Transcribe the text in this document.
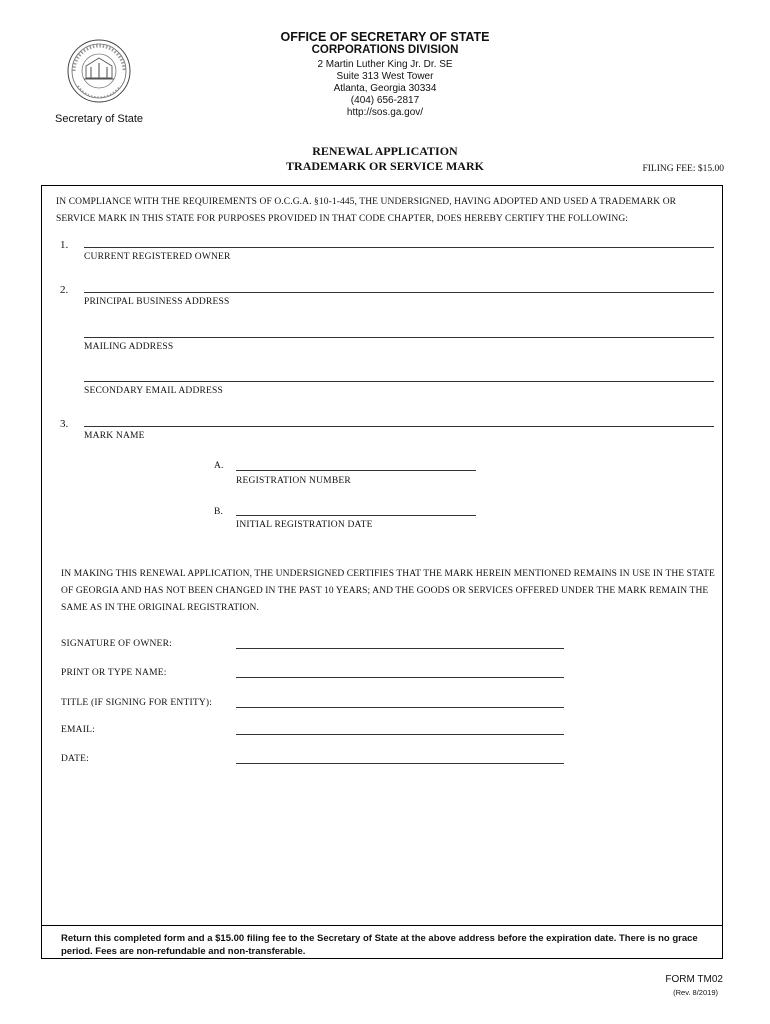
Secretary of State
OFFICE OF SECRETARY OF STATE
CORPORATIONS DIVISION
2 Martin Luther King Jr. Dr. SE
Suite 313 West Tower
Atlanta, Georgia 30334
(404) 656-2817
http://sos.ga.gov/
RENEWAL APPLICATION
TRADEMARK OR SERVICE MARK	FILING FEE: $15.00
IN COMPLIANCE WITH THE REQUIREMENTS OF O.C.G.A. §10-1-445, THE UNDERSIGNED, HAVING ADOPTED AND USED A TRADEMARK OR SERVICE MARK IN THIS STATE FOR PURPOSES PROVIDED IN THAT CODE CHAPTER, DOES HEREBY CERTIFY THE FOLLOWING:
1.
CURRENT REGISTERED OWNER
2.
PRINCIPAL BUSINESS ADDRESS
MAILING ADDRESS
SECONDARY EMAIL ADDRESS
3.
MARK NAME
A.
REGISTRATION NUMBER
B.
INITIAL REGISTRATION DATE
IN MAKING THIS RENEWAL APPLICATION, THE UNDERSIGNED CERTIFIES THAT THE MARK HEREIN MENTIONED REMAINS IN USE IN THE STATE OF GEORGIA AND HAS NOT BEEN CHANGED IN THE PAST 10 YEARS; AND THE GOODS OR SERVICES OFFERED UNDER THE MARK REMAIN THE SAME AS IN THE ORIGINAL REGISTRATION.
SIGNATURE OF OWNER:
PRINT OR TYPE NAME:
TITLE (IF SIGNING FOR ENTITY):
EMAIL:
DATE:
Return this completed form and a $15.00 filing fee to the Secretary of State at the above address before the expiration date. There is no grace period. Fees are non-refundable and non-transferable.
FORM TM02
(Rev. 8/2019)
